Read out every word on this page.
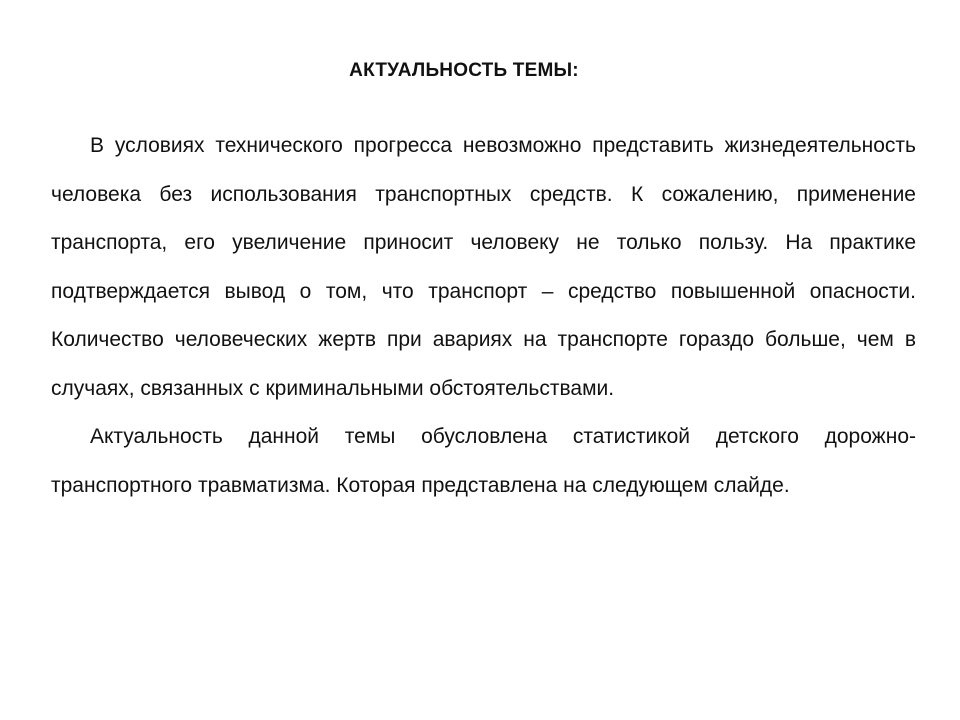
АКТУАЛЬНОСТЬ ТЕМЫ:

В условиях технического прогресса невозможно представить жизнедеятельность человека без использования транспортных средств. К сожалению, применение транспорта, его увеличение приносит человеку не только пользу. На практике подтверждается вывод о том, что транспорт – средство повышенной опасности. Количество человеческих жертв при авариях на транспорте гораздо больше, чем в случаях, связанных с криминальными обстоятельствами.

Актуальность данной темы обусловлена статистикой детского дорожно-транспортного травматизма. Которая представлена на следующем слайде.
